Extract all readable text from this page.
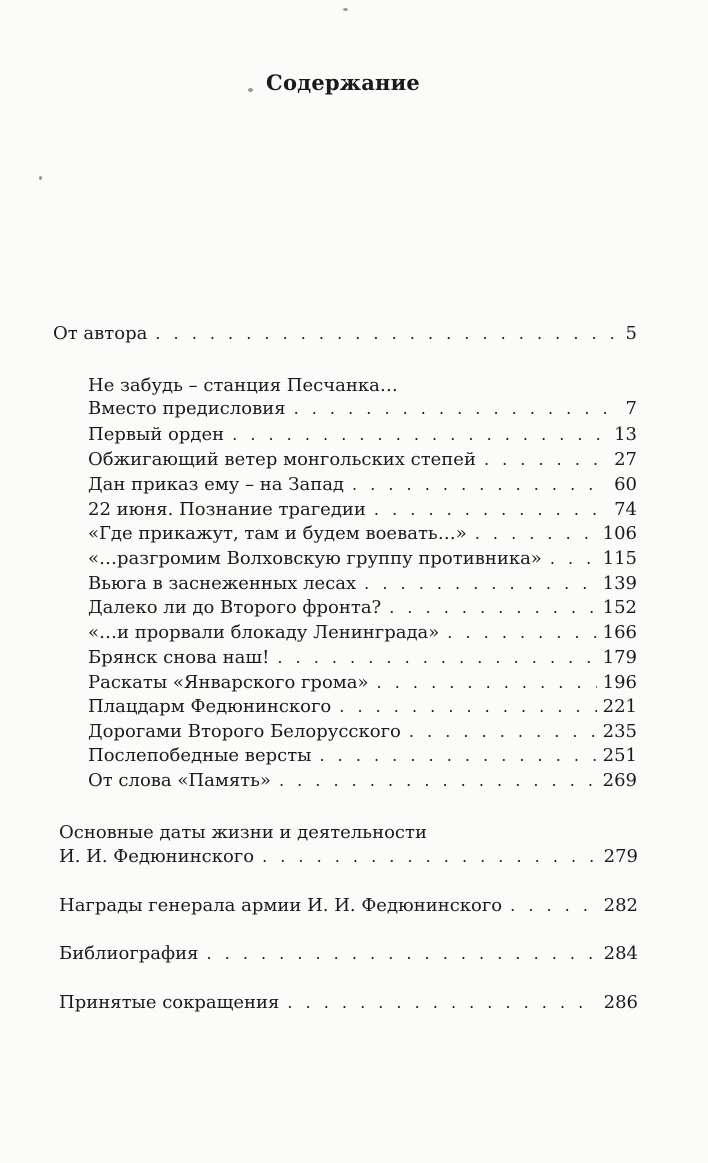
Содержание
От автора . . .	5
Не забудь – станция Песчанка…
Вместо предисловия . . .	7
Первый орден . . .	13
Обжигающий ветер монгольских степей . . .	27
Дан приказ ему – на Запад . . .	60
22 июня. Познание трагедии . . .	74
«Где прикажут, там и будем воевать…» . . .	106
«…разгромим Волховскую группу противника» . . .	115
Вьюга в заснеженных лесах . . .	139
Далеко ли до Второго фронта? . . .	152
«…и прорвали блокаду Ленинграда» . . .	166
Брянск снова наш! . . .	179
Раскаты «Январского грома» . . .	196
Плацдарм Федюнинского . . .	221
Дорогами Второго Белорусского . . .	235
Послепобедные версты . . .	251
От слова «Память» . . .	269
Основные даты жизни и деятельности
И. И. Федюнинского . . .	279
Награды генерала армии И. И. Федюнинского . . .	282
Библиография . . .	284
Принятые сокращения . . .	286
